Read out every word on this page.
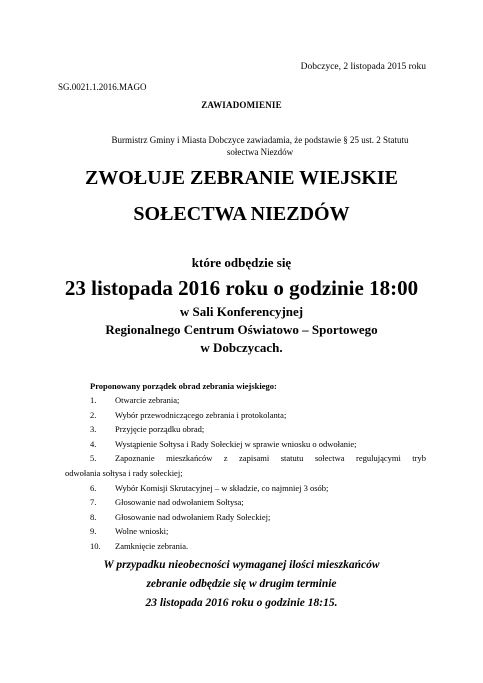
Dobczyce, 2 listopada 2015 roku
SG.0021.1.2016.MAGO
ZAWIADOMIENIE
Burmistrz Gminy i Miasta Dobczyce zawiadamia, że podstawie § 25 ust. 2 Statutu
sołectwa Niezdów
ZWOŁUJE ZEBRANIE WIEJSKIE
SOŁECTWA NIEZDÓW
które odbędzie się
23 listopada 2016 roku o godzinie 18:00
w Sali Konferencyjnej
Regionalnego Centrum Oświatowo – Sportowego
w Dobczycach.
Proponowany porządek obrad zebrania wiejskiego:
1.	Otwarcie zebrania;
2.	Wybór przewodniczącego zebrania i protokolanta;
3.	Przyjęcie porządku obrad;
4.	Wystąpienie Sołtysa i Rady Sołeckiej w sprawie wniosku o odwołanie;
5.	Zapoznanie mieszkańców z zapisami statutu sołectwa regulującymi tryb
odwołania sołtysa i rady sołeckiej;
6.	Wybór Komisji Skrutacyjnej – w składzie, co najmniej 3 osób;
7.	Głosowanie nad odwołaniem Sołtysa;
8.	Głosowanie nad odwołaniem Rady Sołeckiej;
9.	Wolne wnioski;
10.	Zamknięcie zebrania.
W przypadku nieobecności wymaganej ilości mieszkańców
zebranie odbędzie się w drugim terminie
23 listopada 2016 roku o godzinie 18:15.
